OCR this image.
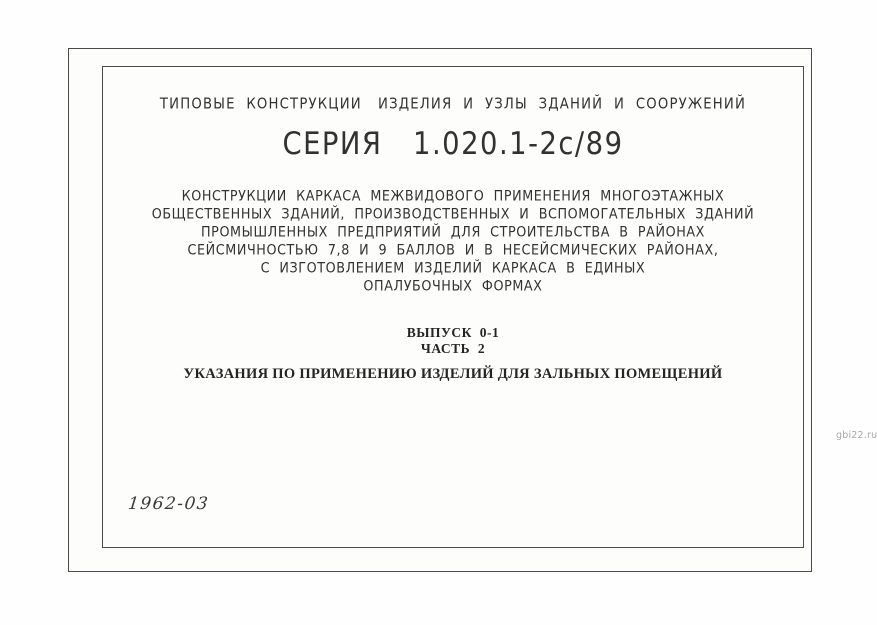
ТИПОВЫЕ  КОНСТРУКЦИИ   ИЗДЕЛИЯ  И  УЗЛЫ  ЗДАНИЙ  И  СООРУЖЕНИЙ
СЕРИЯ   1.020.1-2с/89
КОНСТРУКЦИИ  КАРКАСА  МЕЖВИДОВОГО  ПРИМЕНЕНИЯ  МНОГОЭТАЖНЫХ
ОБЩЕСТВЕННЫХ  ЗДАНИЙ,  ПРОИЗВОДСТВЕННЫХ  И  ВСПОМОГАТЕЛЬНЫХ  ЗДАНИЙ
ПРОМЫШЛЕННЫХ  ПРЕДПРИЯТИЙ  ДЛЯ  СТРОИТЕЛЬСТВА  В  РАЙОНАХ
СЕЙСМИЧНОСТЬЮ  7,8  И  9  БАЛЛОВ  И  В  НЕСЕЙСМИЧЕСКИХ  РАЙОНАХ,
С  ИЗГОТОВЛЕНИЕМ  ИЗДЕЛИЙ  КАРКАСА  В  ЕДИНЫХ
ОПАЛУБОЧНЫХ  ФОРМАХ
ВЫПУСК  0-1
ЧАСТЬ  2
УКАЗАНИЯ ПО ПРИМЕНЕНИЮ ИЗДЕЛИЙ ДЛЯ ЗАЛЬНЫХ ПОМЕЩЕНИЙ
1962-03
gbi22.ru
